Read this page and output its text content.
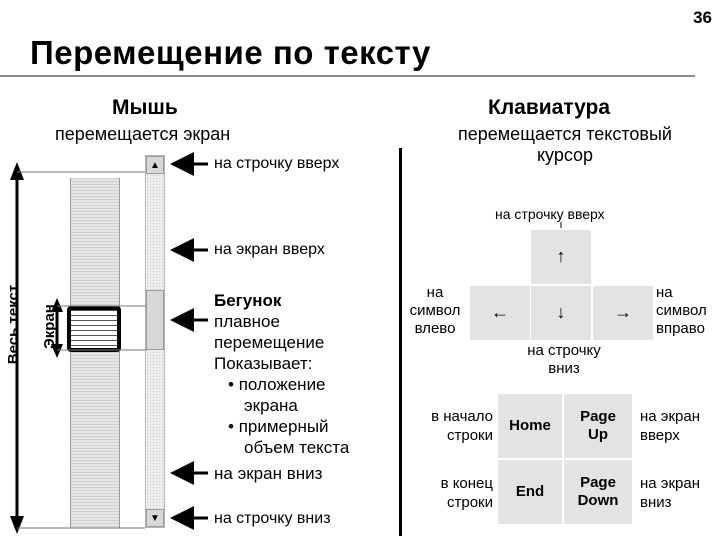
36
Перемещение по тексту
Мышь
перемещается экран
Клавиатура
перемещается текстовый
курсор
▲
▼
Весь текст Экран
на строчку вверх
на экран вверх
Бегунок
плавное
перемещение
Показывает:
• положение
экрана
• примерный
объем текста
на экран вниз
на строчку вниз
на строчку вверх
↑
←	↓	→
на
символ
влево
на
символ
вправо
на строчку
вниз
Home
Page
Up
End
Page
Down
в начало
строки
в конец
строки
на экран
вверх
на экран
вниз
